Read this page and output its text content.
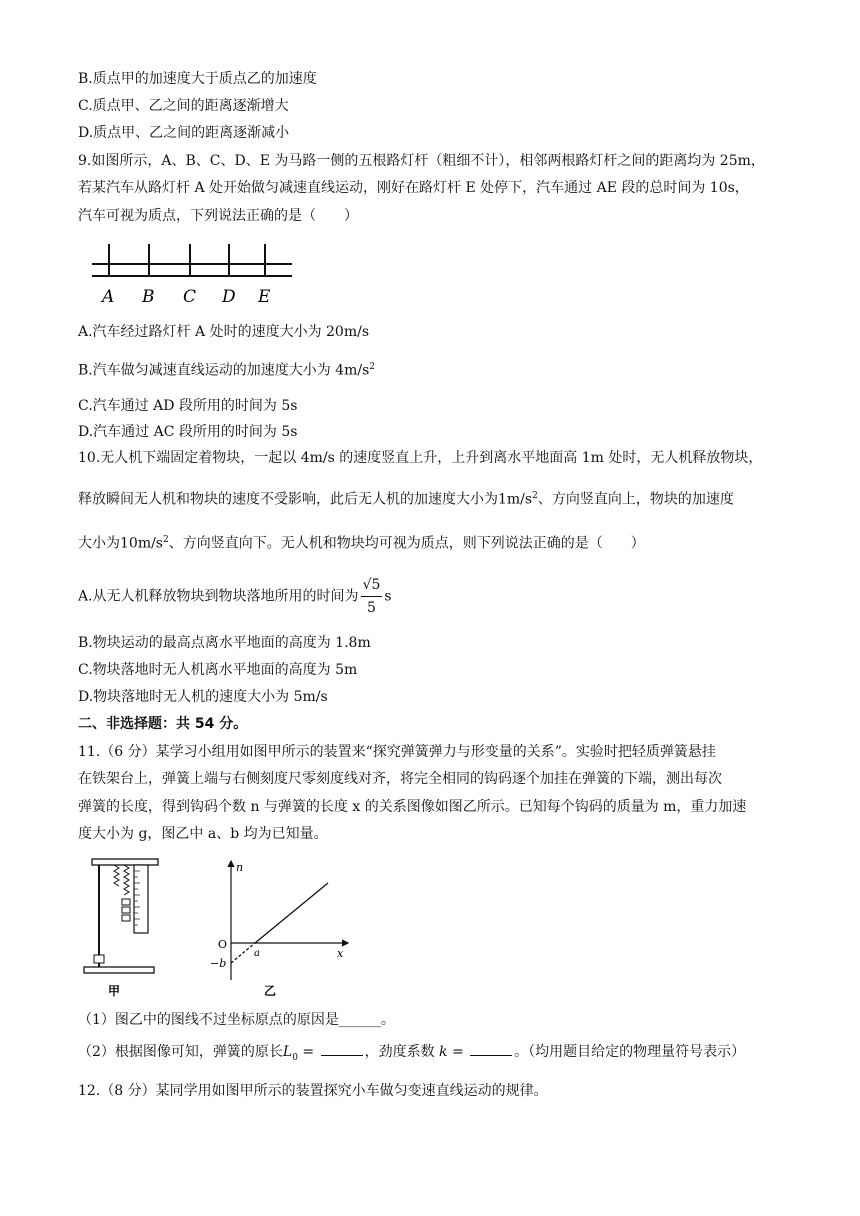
B.质点甲的加速度大于质点乙的加速度
C.质点甲、乙之间的距离逐渐增大
D.质点甲、乙之间的距离逐渐减小
9.如图所示，A、B、C、D、E 为马路一侧的五根路灯杆（粗细不计），相邻两根路灯杆之间的距离均为 25m，
若某汽车从路灯杆 A 处开始做匀减速直线运动，刚好在路灯杆 E 处停下，汽车通过 AE 段的总时间为 10s，
汽车可视为质点，下列说法正确的是（　　）
A B C D E
A.汽车经过路灯杆 A 处时的速度大小为 20m/s
B.汽车做匀减速直线运动的加速度大小为 $4m/s^2$
C.汽车通过 AD 段所用的时间为 5s
D.汽车通过 AC 段所用的时间为 5s
10.无人机下端固定着物块，一起以 4m/s 的速度竖直上升，上升到离水平地面高 1m 处时，无人机释放物块，
释放瞬间无人机和物块的速度不受影响，此后无人机的加速度大小为$1m/s^2$、方向竖直向上，物块的加速度
大小为$10m/s^2$、方向竖直向下。无人机和物块均可视为质点，则下列说法正确的是（　　）
A.从无人机释放物块到物块落地所用的时间为 $\frac{√5}{5}$ s
B.物块运动的最高点离水平地面的高度为 1.8m
C.物块落地时无人机离水平地面的高度为 5m
D.物块落地时无人机的速度大小为 5m/s
二、非选择题：共 54 分。
11.（6 分）某学习小组用如图甲所示的装置来“探究弹簧弹力与形变量的关系”。实验时把轻质弹簧悬挂
在铁架台上，弹簧上端与右侧刻度尺零刻度线对齐，将完全相同的钩码逐个加挂在弹簧的下端，测出每次
弹簧的长度，得到钩码个数 n 与弹簧的长度 x 的关系图像如图乙所示。已知每个钩码的质量为 m，重力加速
度大小为 g，图乙中 a、b 均为已知量。
甲
n
x
O
a
−b
乙
（1）图乙中的图线不过坐标原点的原因是______。
（2）根据图像可知，弹簧的原长$L_0$ =	，劲度系数 k =	。（均用题目给定的物理量符号表示）
12.（8 分）某同学用如图甲所示的装置探究小车做匀变速直线运动的规律。
